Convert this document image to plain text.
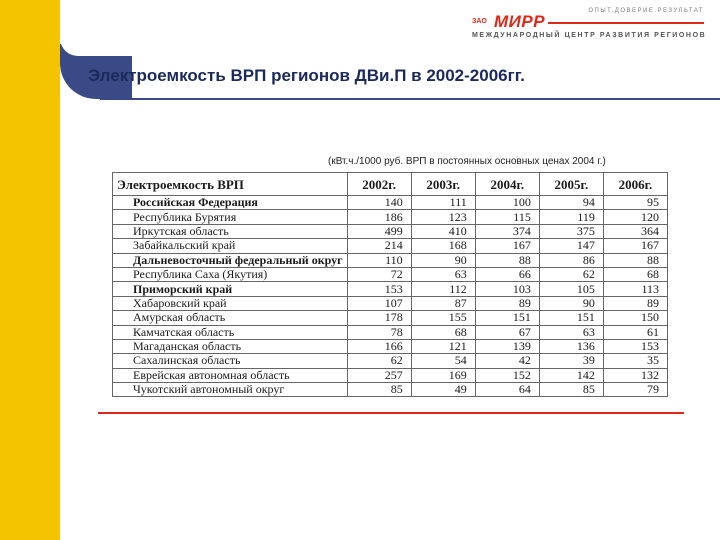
ЗАО МИРР
ОПЫТ.ДОВЕРИЕ.РЕЗУЛЬТАТ
МЕЖДУНАРОДНЫЙ ЦЕНТР РАЗВИТИЯ РЕГИОНОВ
Электроемкость ВРП регионов ДВи.П в 2002-2006гг.
(кВт.ч./1000 руб. ВРП в постоянных основных ценах 2004 г.)
Электроемкость ВРП	2002г.	2003г.	2004г.	2005г.	2006г.
Российская Федерация	140	111	100	94	95
Республика Бурятия	186	123	115	119	120
Иркутская область	499	410	374	375	364
Забайкальский край	214	168	167	147	167
Дальневосточный федеральный округ	110	90	88	86	88
Республика Саха (Якутия)	72	63	66	62	68
Приморский край	153	112	103	105	113
Хабаровский край	107	87	89	90	89
Амурская область	178	155	151	151	150
Камчатская область	78	68	67	63	61
Магаданская область	166	121	139	136	153
Сахалинская область	62	54	42	39	35
Еврейская автономная область	257	169	152	142	132
Чукотский автономный округ	85	49	64	85	79
